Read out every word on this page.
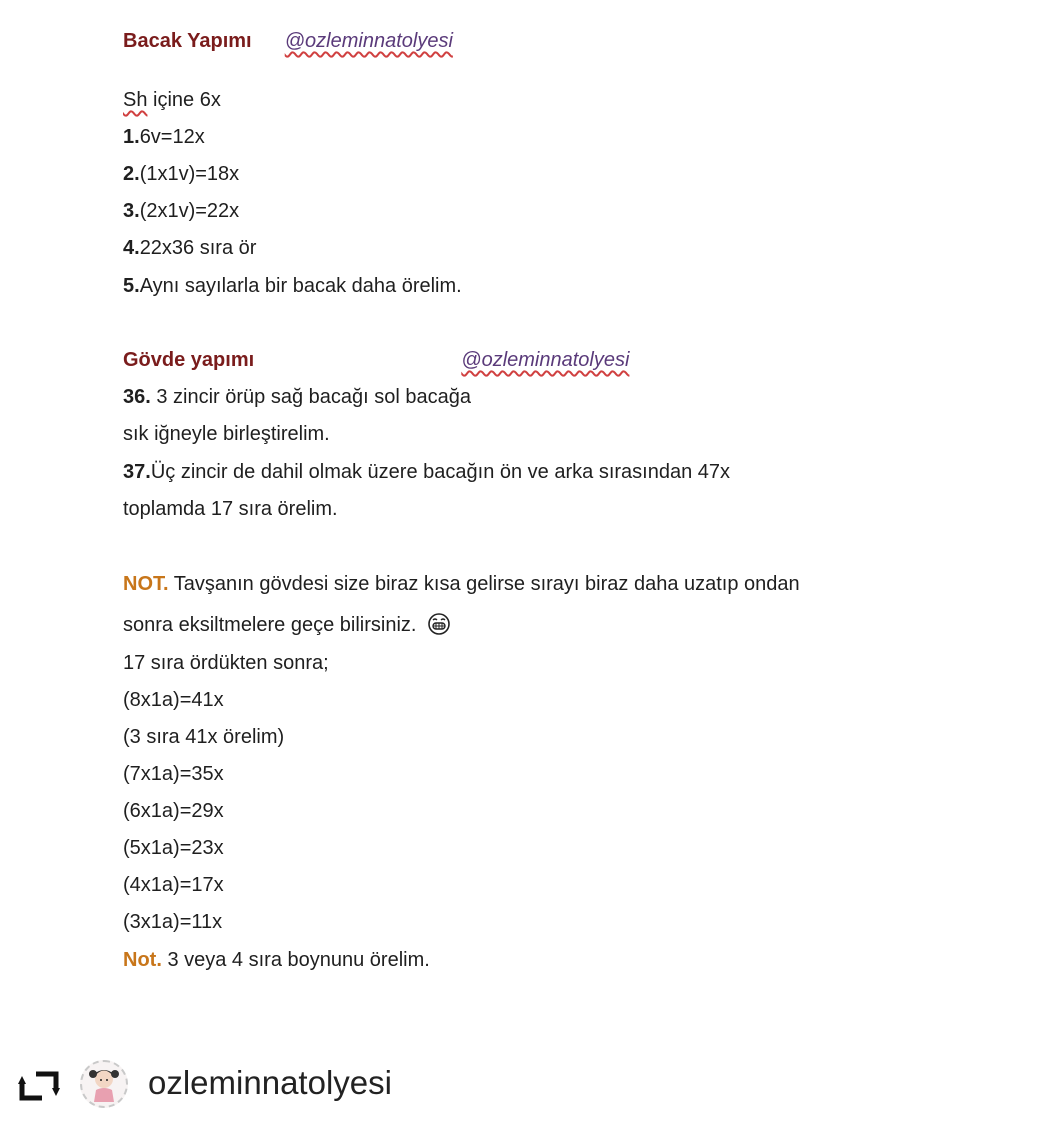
Bacak Yapımı @ozleminnatolyesi
Sh içine 6x
1.6v=12x
2.(1x1v)=18x
3.(2x1v)=22x
4.22x36 sıra ör
5.Aynı sayılarla bir bacak daha örelim.
Gövde yapımı	@ozleminnatolyesi
36. 3 zincir örüp sağ bacağı sol bacağa
sık iğneyle birleştirelim.
37.Üç zincir de dahil olmak üzere bacağın ön ve arka sırasından 47x
toplamda 17 sıra örelim.
NOT. Tavşanın gövdesi size biraz kısa gelirse sırayı biraz daha uzatıp ondan
sonra eksiltmelere geçe bilirsiniz.
17 sıra ördükten sonra;
(8x1a)=41x
(3 sıra 41x örelim)
(7x1a)=35x
(6x1a)=29x
(5x1a)=23x
(4x1a)=17x
(3x1a)=11x
Not. 3 veya 4 sıra boynunu örelim.
ozleminnatolyesi
